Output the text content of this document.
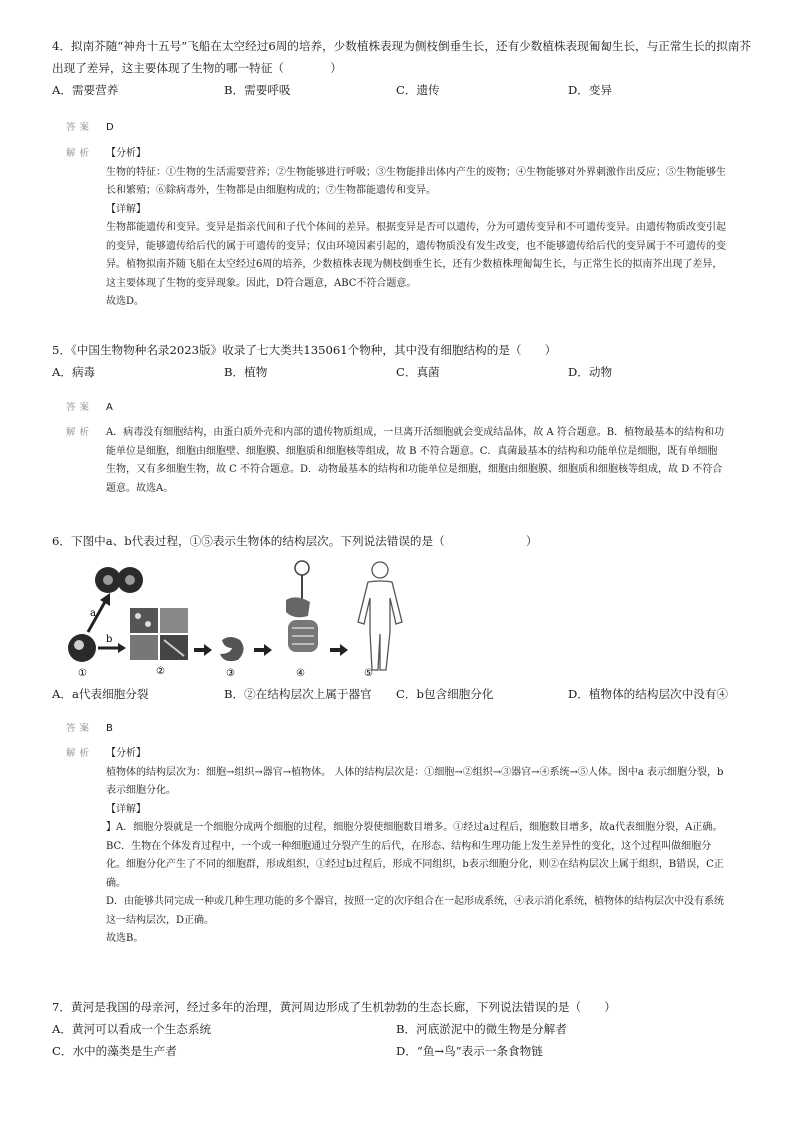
4．拟南芥随“神舟十五号”飞船在太空经过6周的培养，少数植株表现为侧枝倒垂生长，还有少数植株表现匍匐生长，与正常生长的拟南芥出现了差异，这主要体现了生物的哪一特征（　　　　）

A．需要营养	B．需要呼吸	C．遗传	D．变异
答案 D
解析 【分析】

生物的特征：①生物的生活需要营养；②生物能够进行呼吸；③生物能排出体内产生的废物；④生物能够对外界刺激作出反应；⑤生物能够生长和繁殖；⑥除病毒外，生物都是由细胞构成的；⑦生物都能遗传和变异。

【详解】

生物都能遗传和变异。变异是指亲代间和子代个体间的差异。根据变异是否可以遗传，分为可遗传变异和不可遗传变异。由遗传物质改变引起的变异，能够遗传给后代的属于可遗传的变异；仅由环境因素引起的，遗传物质没有发生改变，也不能够遗传给后代的变异属于不可遗传的变异。植物拟南芥随飞船在太空经过6周的培养，少数植株表现为侧枝倒垂生长，还有少数植株理匍匐生长，与正常生长的拟南芥出现了差异，这主要体现了生物的变异现象。因此，D符合题意，ABC不符合题意。

故选D。

5．《中国生物物种名录2023版》收录了七大类共135061个物种，其中没有细胞结构的是（　　）

A．病毒	B．植物	C．真菌	D．动物
答案 A
解析 A．病毒没有细胞结构，由蛋白质外壳和内部的遗传物质组成，一旦离开活细胞就会变成结晶体，故 A 符合题意。B．植物最基本的结构和功能单位是细胞，细胞由细胞壁、细胞膜、细胞质和细胞核等组成，故 B 不符合题意。C．真菌最基本的结构和功能单位是细胞，既有单细胞生物，又有多细胞生物，故 C 不符合题意。D．动物最基本的结构和功能单位是细胞，细胞由细胞膜、细胞质和细胞核等组成，故 D 不符合题意。故选A。

6．下图中a、b代表过程，①⑤表示生物体的结构层次。下列说法错误的是（　　　　　　　）

a
b
①	②	③	④	⑤
A．a代表细胞分裂	B．②在结构层次上属于器官 C．b包含细胞分化	D．植物体的结构层次中没有④
答案 B
解析 【分析】

植物体的结构层次为：细胞→组织→器官→植物体。 人体的结构层次是：①细胞→②组织→③器官→④系统→⑤人体。图中a 表示细胞分裂，b 表示细胞分化。

【详解】

】A．细胞分裂就是一个细胞分成两个细胞的过程，细胞分裂使细胞数目增多。①经过a过程后，细胞数目增多，故a代表细胞分裂，A正确。

BC．生物在个体发育过程中，一个或一种细胞通过分裂产生的后代，在形态、结构和生理功能上发生差异性的变化，这个过程叫做细胞分化。细胞分化产生了不同的细胞群，形成组织，①经过b过程后，形成不同组织，b表示细胞分化，则②在结构层次上属于组织，B错误，C正确。

D．由能够共同完成一种或几种生理功能的多个器官，按照一定的次序组合在一起形成系统，④表示消化系统，植物体的结构层次中没有系统这一结构层次，D正确。

故选B。

7．黄河是我国的母亲河，经过多年的治理，黄河周边形成了生机勃勃的生态长廊，下列说法错误的是（　　）

A．黄河可以看成一个生态系统	B．河底淤泥中的微生物是分解者
C．水中的藻类是生产者	D．“鱼→鸟”表示一条食物链
